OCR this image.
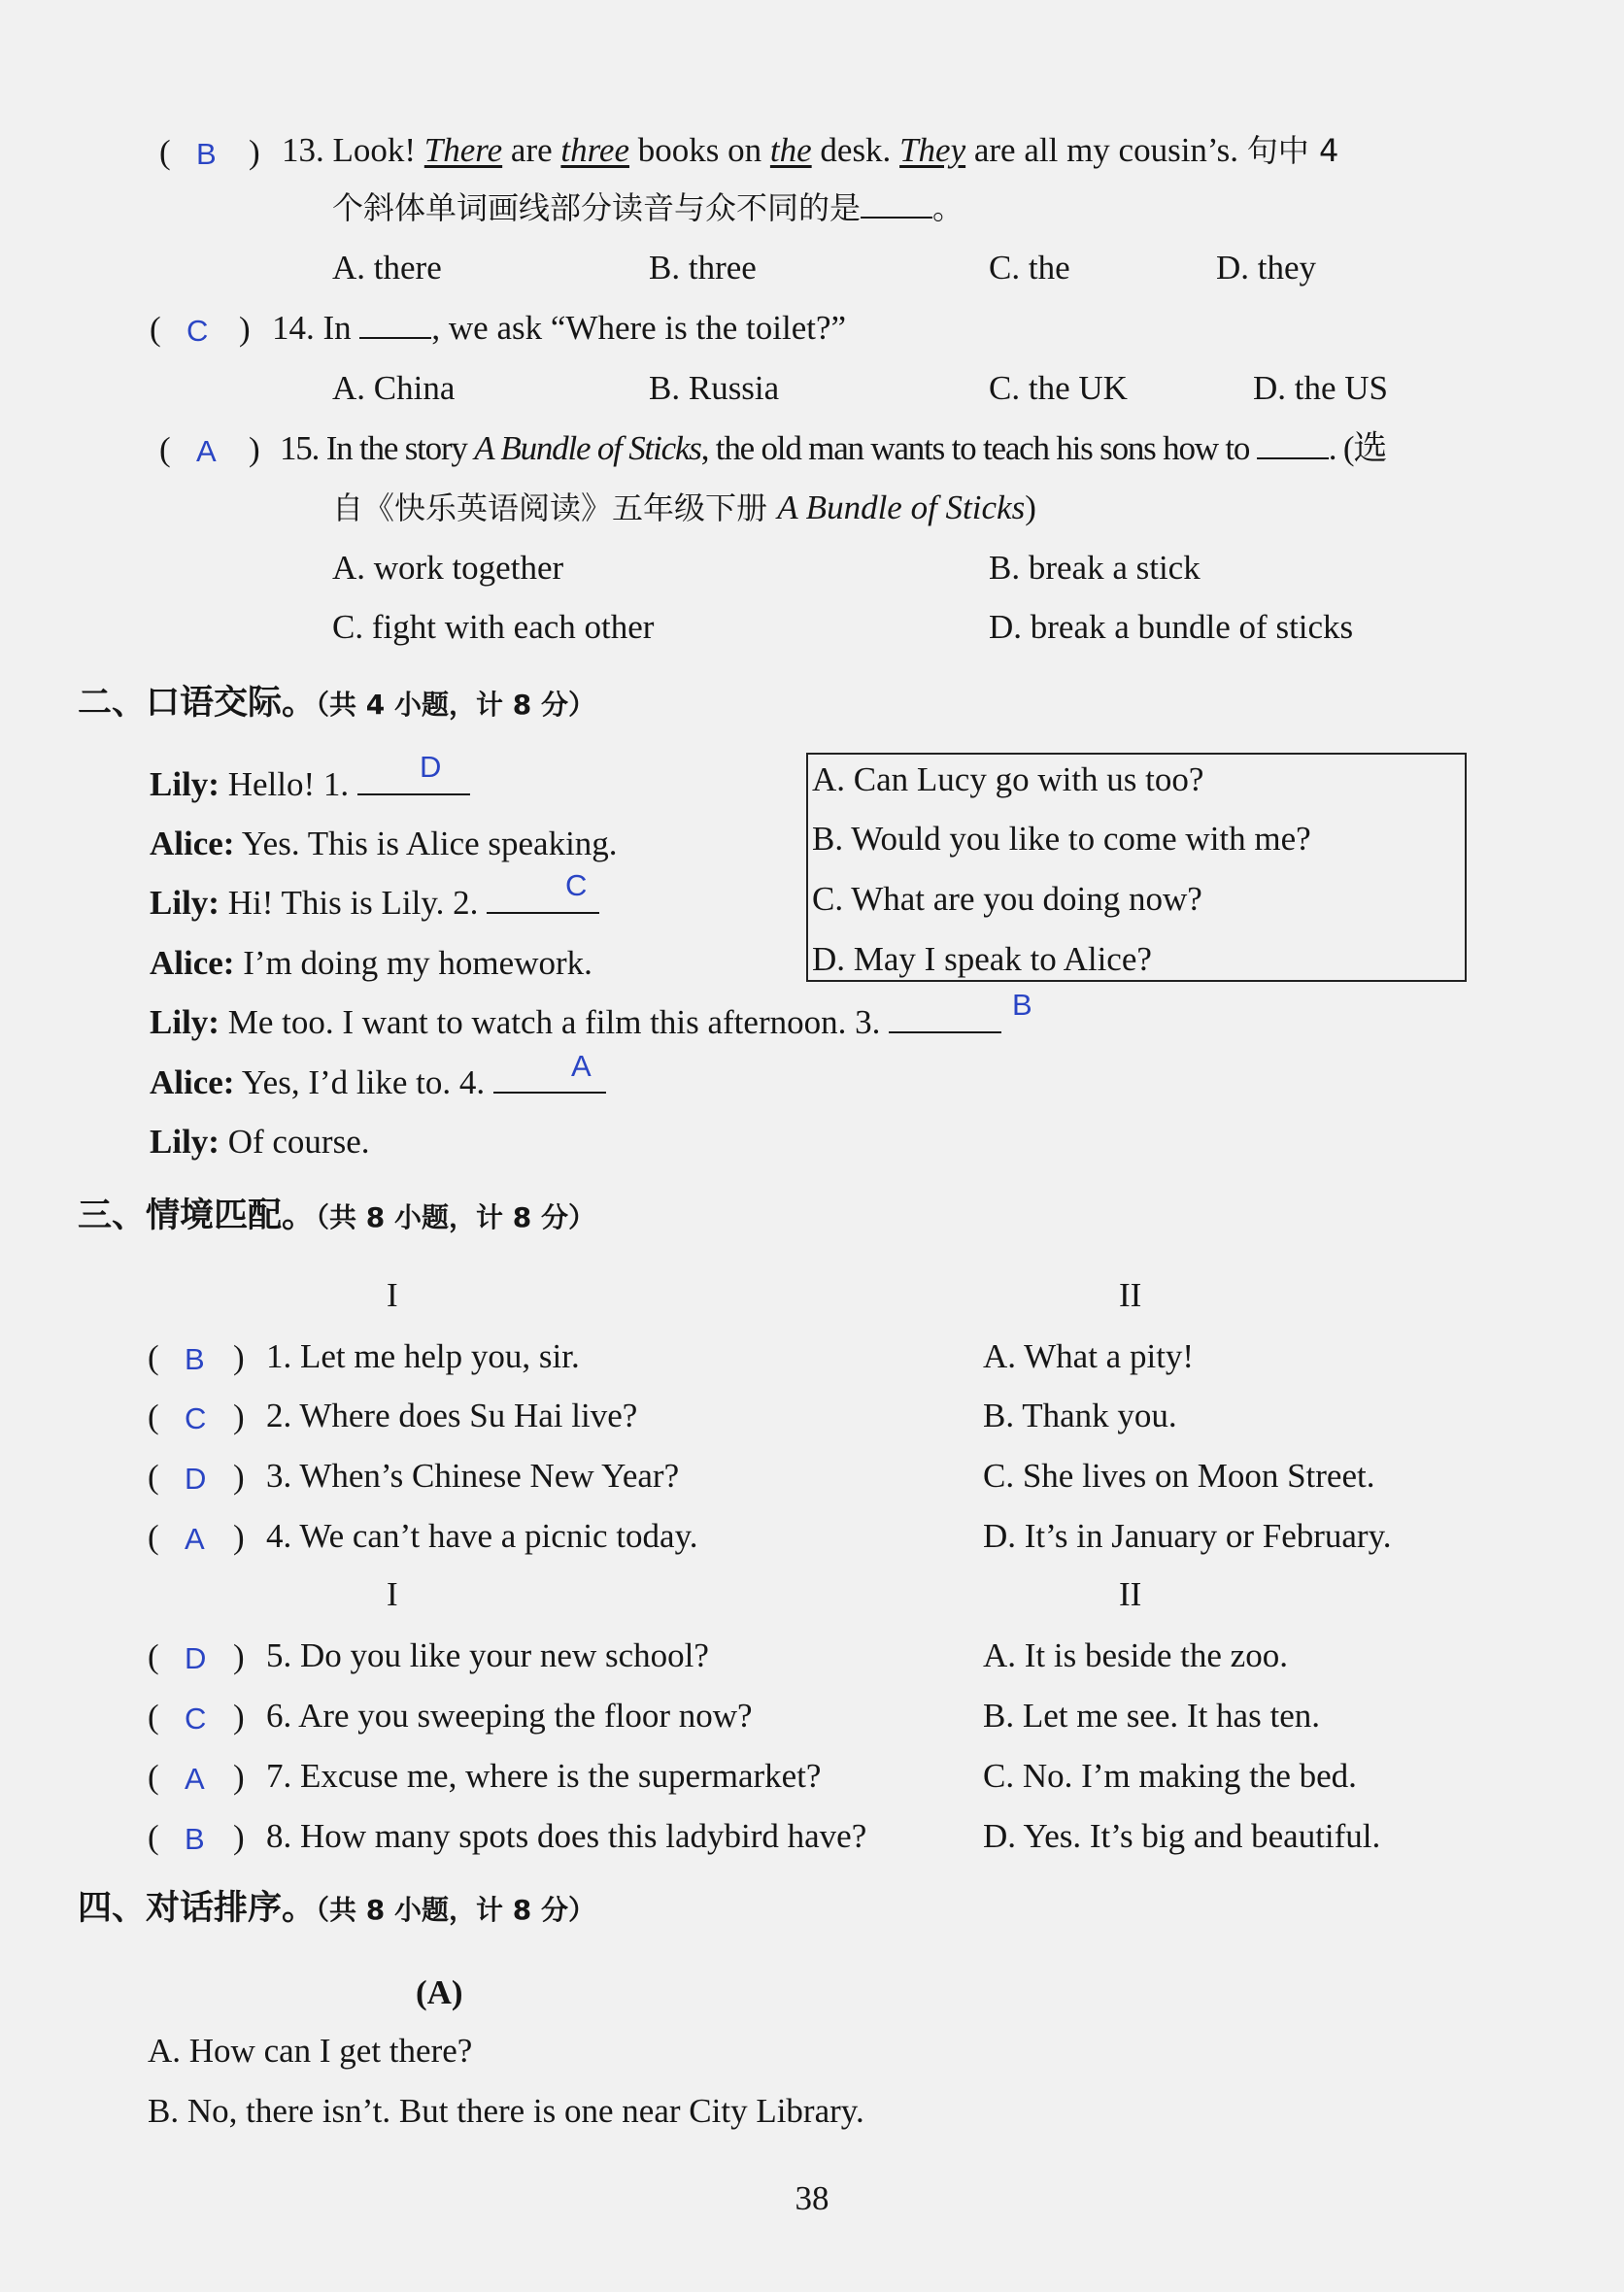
( B ) 13. Look! There are three books on the desk. They are all my cousin’s. 句中 4
个斜体单词画线部分读音与众不同的是 。
A. there	B. three	C. the	D. they
( C ) 14. In , we ask “Where is the toilet?”
A. China	B. Russia	C. the UK	D. the US
( A ) 15. In the story A Bundle of Sticks, the old man wants to teach his sons how to . (选
自《快乐英语阅读》五年级下册 A Bundle of Sticks)
A. work together	B. break a stick
C. fight with each other	D. break a bundle of sticks
二、口语交际。（共 4 小题，计 8 分）
Lily: Hello! 1.	D
Alice: Yes. This is Alice speaking.
Lily: Hi! This is Lily. 2.	C
Alice: I’m doing my homework.
Lily: Me too. I want to watch a film this afternoon. 3.	B
Alice: Yes, I’d like to. 4.	A
Lily: Of course.
A. Can Lucy go with us too?
B. Would you like to come with me?
C. What are you doing now?
D. May I speak to Alice?
三、情境匹配。（共 8 小题，计 8 分）
I	II
( B ) 1. Let me help you, sir.	A. What a pity!
( C ) 2. Where does Su Hai live?	B. Thank you.
( D ) 3. When’s Chinese New Year?	C. She lives on Moon Street.
( A ) 4. We can’t have a picnic today.	D. It’s in January or February.
I	II
( D ) 5. Do you like your new school?	A. It is beside the zoo.
( C ) 6. Are you sweeping the floor now?	B. Let me see. It has ten.
( A ) 7. Excuse me, where is the supermarket?	C. No. I’m making the bed.
( B ) 8. How many spots does this ladybird have?	D. Yes. It’s big and beautiful.
四、对话排序。（共 8 小题，计 8 分）
(A)
A. How can I get there?
B. No, there isn’t. But there is one near City Library.
38
